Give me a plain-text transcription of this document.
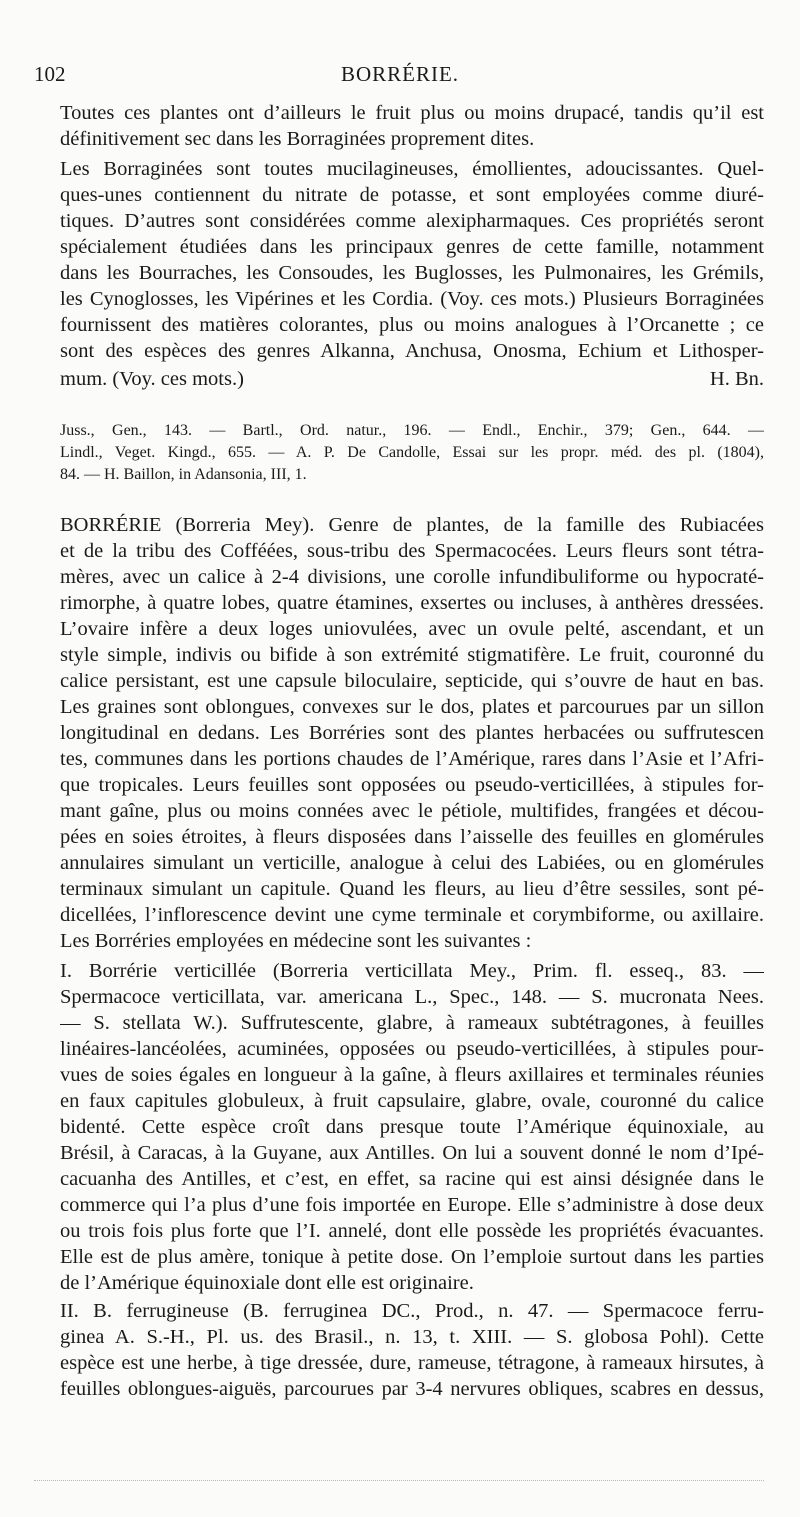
102	BORRÉRIE.
Toutes ces plantes ont d’ailleurs le fruit plus ou moins drupacé, tandis qu’il est
définitivement sec dans les Borraginées proprement dites.
Les Borraginées sont toutes mucilagineuses, émollientes, adoucissantes. Quel-
ques-unes contiennent du nitrate de potasse, et sont employées comme diuré-
tiques. D’autres sont considérées comme alexipharmaques. Ces propriétés seront
spécialement étudiées dans les principaux genres de cette famille, notamment
dans les Bourraches, les Consoudes, les Buglosses, les Pulmonaires, les Grémils,
les Cynoglosses, les Vipérines et les Cordia. (Voy. ces mots.) Plusieurs Borraginées
fournissent des matières colorantes, plus ou moins analogues à l’Orcanette ; ce
sont des espèces des genres Alkanna, Anchusa, Onosma, Echium et Lithosper-
mum. (Voy. ces mots.)	H. Bn.
Juss., Gen., 143. — Bartl., Ord. natur., 196. — Endl., Enchir., 379; Gen., 644. —
Lindl., Veget. Kingd., 655. — A. P. De Candolle, Essai sur les propr. méd. des pl. (1804),
84. — H. Baillon, in Adansonia, III, 1.
BORRÉRIE (Borreria Mey). Genre de plantes, de la famille des Rubiacées
et de la tribu des Cofféées, sous-tribu des Spermacocées. Leurs fleurs sont tétra-
mères, avec un calice à 2-4 divisions, une corolle infundibuliforme ou hypocraté-
rimorphe, à quatre lobes, quatre étamines, exsertes ou incluses, à anthères dressées.
L’ovaire infère a deux loges uniovulées, avec un ovule pelté, ascendant, et un
style simple, indivis ou bifide à son extrémité stigmatifère. Le fruit, couronné du
calice persistant, est une capsule biloculaire, septicide, qui s’ouvre de haut en bas.
Les graines sont oblongues, convexes sur le dos, plates et parcourues par un sillon
longitudinal en dedans. Les Borréries sont des plantes herbacées ou suffrutescen
tes, communes dans les portions chaudes de l’Amérique, rares dans l’Asie et l’Afri-
que tropicales. Leurs feuilles sont opposées ou pseudo-verticillées, à stipules for-
mant gaîne, plus ou moins connées avec le pétiole, multifides, frangées et décou-
pées en soies étroites, à fleurs disposées dans l’aisselle des feuilles en glomérules
annulaires simulant un verticille, analogue à celui des Labiées, ou en glomérules
terminaux simulant un capitule. Quand les fleurs, au lieu d’être sessiles, sont pé-
dicellées, l’inflorescence devint une cyme terminale et corymbiforme, ou axillaire.
Les Borréries employées en médecine sont les suivantes :
I. Borrérie verticillée (Borreria verticillata Mey., Prim. fl. esseq., 83. —
Spermacoce verticillata, var. americana L., Spec., 148. — S. mucronata Nees.
— S. stellata W.). Suffrutescente, glabre, à rameaux subtétragones, à feuilles
linéaires-lancéolées, acuminées, opposées ou pseudo-verticillées, à stipules pour-
vues de soies égales en longueur à la gaîne, à fleurs axillaires et terminales réunies
en faux capitules globuleux, à fruit capsulaire, glabre, ovale, couronné du calice
bidenté. Cette espèce croît dans presque toute l’Amérique équinoxiale, au
Brésil, à Caracas, à la Guyane, aux Antilles. On lui a souvent donné le nom d’Ipé-
cacuanha des Antilles, et c’est, en effet, sa racine qui est ainsi désignée dans le
commerce qui l’a plus d’une fois importée en Europe. Elle s’administre à dose deux
ou trois fois plus forte que l’I. annelé, dont elle possède les propriétés évacuantes.
Elle est de plus amère, tonique à petite dose. On l’emploie surtout dans les parties
de l’Amérique équinoxiale dont elle est originaire.
II. B. ferrugineuse (B. ferruginea DC., Prod., n. 47. — Spermacoce ferru-
ginea A. S.-H., Pl. us. des Brasil., n. 13, t. XIII. — S. globosa Pohl). Cette
espèce est une herbe, à tige dressée, dure, rameuse, tétragone, à rameaux hirsutes, à
feuilles oblongues-aiguës, parcourues par 3-4 nervures obliques, scabres en dessus,
